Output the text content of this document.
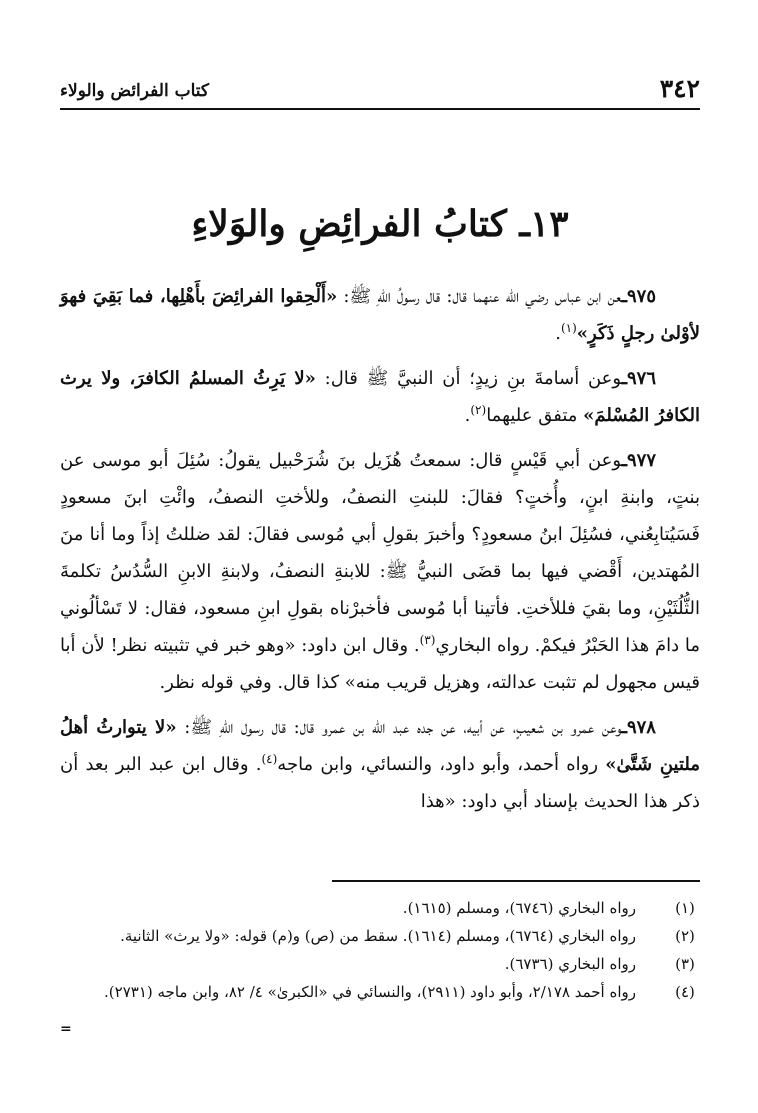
٣٤٢
كتاب الفرائض والولاء
١٣ـ كتابُ الفرائِضِ والوَلاءِ

٩٧٥ـعن ابن عباس رضي الله عنهما قال: قال رسولُ اللهِ ﷺ: «أَلْحِقوا الفرائِضَ بأَهْلِها، فما بَقِيَ فهوَ لأوْلىٰ رجلٍ ذَكَرٍ»$^{(١)}$.

٩٧٦ـوعن أسامةَ بنِ زيدٍ؛ أن النبيَّ ﷺ قال: «لا يَرِثُ المسلمُ الكافرَ، ولا يرث الكافرُ المُسْلمَ» متفق عليهما$^{(٢)}$.

٩٧٧ـوعن أبي قَيْسٍ قال: سمعتُ هُزَيل بنَ شُرَحْبيل يقولُ: سُئِلَ أبو موسى عن بنتٍ، وابنةِ ابنٍ، وأُختٍ؟ فقالَ: للبنتِ النصفُ، وللأختِ النصفُ، وائْتِ ابنَ مسعودٍ فَسَيُتابِعُني، فسُئِلَ ابنُ مسعودٍ؟ وأخبرَ بقولِ أبي مُوسى فقالَ: لقد ضللتُ إذاً وما أنا منَ المُهتدين، أَقْضي فيها بما قضَى النبيُّ ﷺ: للابنةِ النصفُ، ولابنةِ الابنِ السُّدُسُ تكلمةَ الثُّلُثَيْنِ، وما بقيَ فللأختِ. فأتينا أبا مُوسى فأخبرْناه بقولِ ابنِ مسعود، فقال: لا تَسْألُوني ما دامَ هذا الحَبْرُ فيكمْ. رواه البخاري$^{(٣)}$. وقال ابن داود: «وهو خبر في تثبيته نظر! لأن أبا قيس مجهول لم تثبت عدالته، وهزيل قريب منه» كذا قال. وفي قوله نظر.

٩٧٨ـوعن عمرو بن شعيبٍ، عن أبيه، عن جده عبد الله بن عمرو قال: قال رسول اللهِ ﷺ: «لا يتوارثُ أهلُ ملتينِ شَتَّىٰ» رواه أحمد، وأبو داود، والنسائي، وابن ماجه$^{(٤)}$. وقال ابن عبد البر بعد أن ذكر هذا الحديث بإسناد أبي داود: «هذا

(١)
رواه البخاري (٦٧٤٦)، ومسلم (١٦١٥).

(٢)
رواه البخاري (٦٧٦٤)، ومسلم (١٦١٤). سقط من (ص) و(م) قوله: «ولا يرث» الثانية.

(٣)
رواه البخاري (٦٧٣٦).

(٤)
رواه أحمد ٢/١٧٨، وأبو داود (٢٩١١)، والنسائي في «الكبرىٰ» ٤/ ٨٢، وابن ماجه (٢٧٣١).

=
